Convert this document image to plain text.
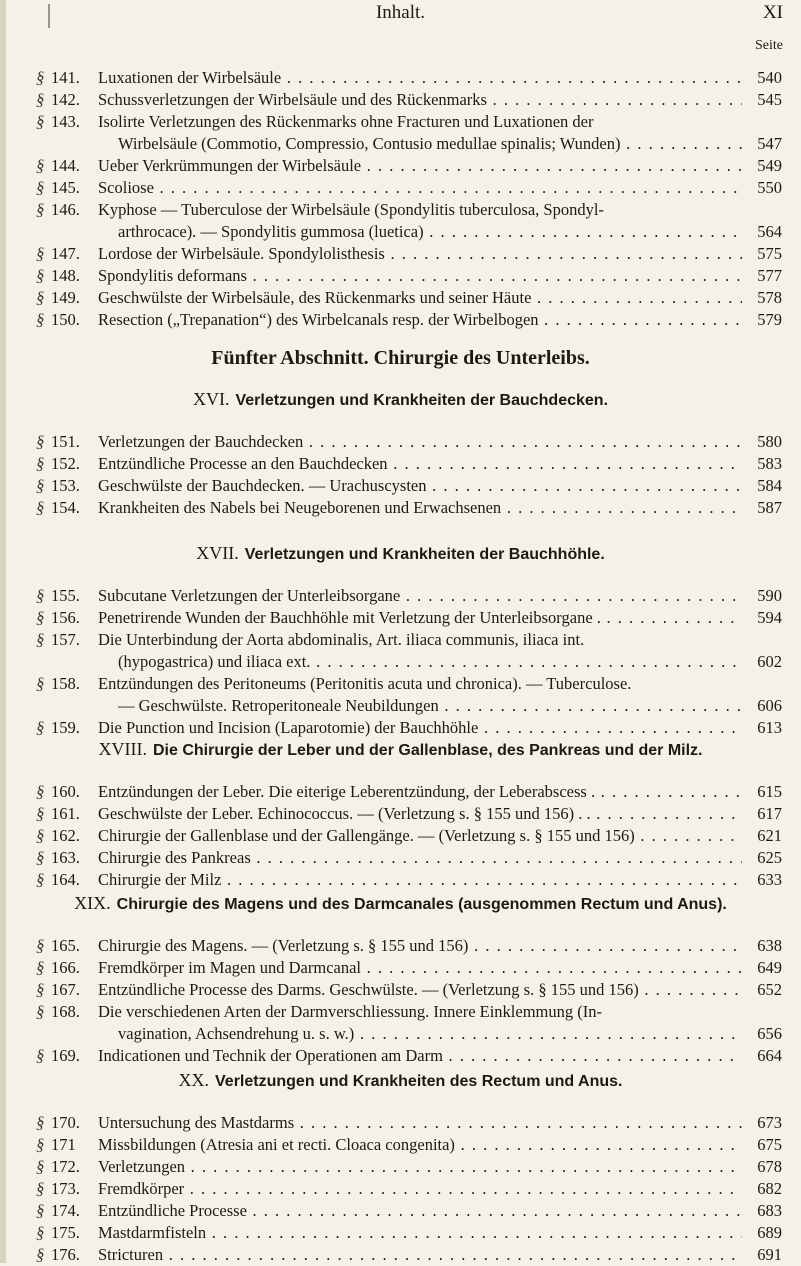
Inhalt.	XI
Seite
Fünfter Abschnitt. Chirurgie des Unterleibs.
XVI. Verletzungen und Krankheiten der Bauchdecken.
XVII. Verletzungen und Krankheiten der Bauchhöhle.
XVIII. Die Chirurgie der Leber und der Gallenblase, des Pankreas und der Milz.
XIX. Chirurgie des Magens und des Darmcanales (ausgenommen Rectum und Anus).
XX. Verletzungen und Krankheiten des Rectum und Anus.
§ 141. Luxationen der Wirbelsäule . . .	540
§ 142. Schussverletzungen der Wirbelsäule und des Rückenmarks . . .	545
§ 143. Isolirte Verletzungen des Rückenmarks ohne Fracturen und Luxationen der
Wirbelsäule (Commotio, Compressio, Contusio medullae spinalis; Wunden) . . .	547
§ 144. Ueber Verkrümmungen der Wirbelsäule . . .	549
§ 145. Scoliose . . .	550
§ 146. Kyphose — Tuberculose der Wirbelsäule (Spondylitis tuberculosa, Spondyl-
arthrocace). — Spondylitis gummosa (luetica) . . .	564
§ 147. Lordose der Wirbelsäule. Spondylolisthesis . . .	575
§ 148. Spondylitis deformans . . .	577
§ 149. Geschwülste der Wirbelsäule, des Rückenmarks und seiner Häute . . .	578
§ 150. Resection („Trepanation“) des Wirbelcanals resp. der Wirbelbogen . . .	579
§ 151. Verletzungen der Bauchdecken . . .	580
§ 152. Entzündliche Processe an den Bauchdecken . . .	583
§ 153. Geschwülste der Bauchdecken. — Urachuscysten . . .	584
§ 154. Krankheiten des Nabels bei Neugeborenen und Erwachsenen . . .	587
§ 155. Subcutane Verletzungen der Unterleibsorgane . . .	590
§ 156. Penetrirende Wunden der Bauchhöhle mit Verletzung der Unterleibsorgane . . . .	594
§ 157. Die Unterbindung der Aorta abdominalis, Art. iliaca communis, iliaca int.
(hypogastrica) und iliaca ext. . . .	602
§ 158. Entzündungen des Peritoneums (Peritonitis acuta und chronica). — Tuberculose.
— Geschwülste. Retroperitoneale Neubildungen . . .	606
§ 159. Die Punction und Incision (Laparotomie) der Bauchhöhle . . .	613
§ 160. Entzündungen der Leber. Die eiterige Leberentzündung, der Leberabscess . . . .	615
§ 161. Geschwülste der Leber. Echinococcus. — (Verletzung s. § 155 und 156) . . . . .	617
§ 162. Chirurgie der Gallenblase und der Gallengänge. — (Verletzung s. § 155 und 156) . . .	621
§ 163. Chirurgie des Pankreas . . .	625
§ 164. Chirurgie der Milz . . .	633
§ 165. Chirurgie des Magens. — (Verletzung s. § 155 und 156) . . .	638
§ 166. Fremdkörper im Magen und Darmcanal . . .	649
§ 167. Entzündliche Processe des Darms. Geschwülste. — (Verletzung s. § 155 und 156) . . .	652
§ 168. Die verschiedenen Arten der Darmverschliessung. Innere Einklemmung (In-
vagination, Achsendrehung u. s. w.) . . .	656
§ 169. Indicationen und Technik der Operationen am Darm . . .	664
§ 170. Untersuchung des Mastdarms . . .	673
§ 171 Missbildungen (Atresia ani et recti. Cloaca congenita) . . .	675
§ 172. Verletzungen . . .	678
§ 173. Fremdkörper . . .	682
§ 174. Entzündliche Processe . . .	683
§ 175. Mastdarmfisteln . . .	689
§ 176. Stricturen . . .	691
